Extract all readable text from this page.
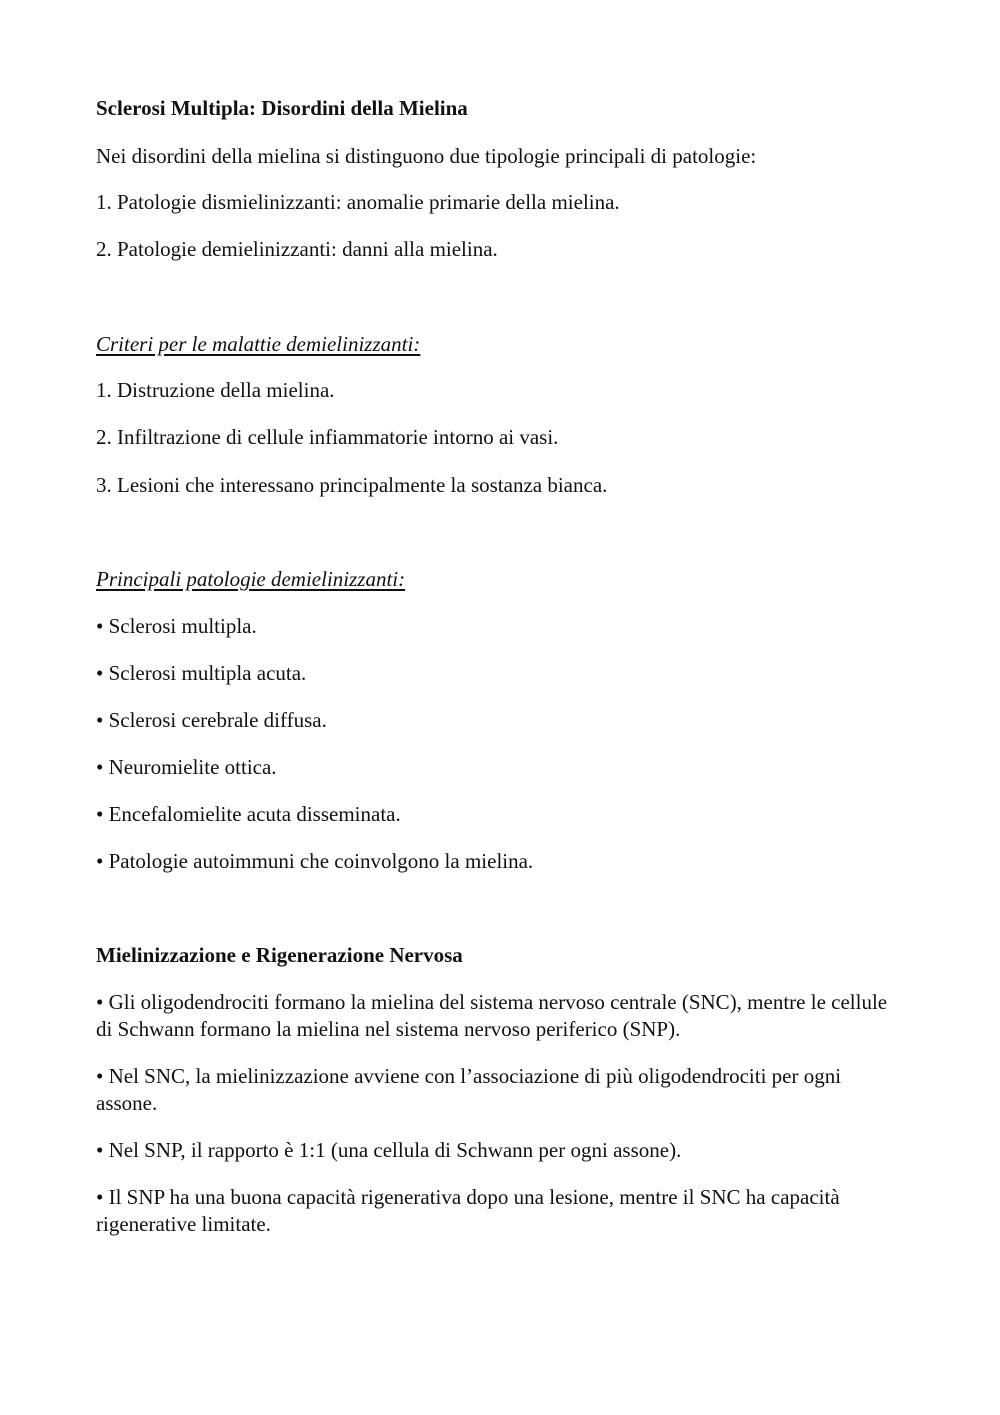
Sclerosi Multipla: Disordini della Mielina

Nei disordini della mielina si distinguono due tipologie principali di patologie:

1. Patologie dismielinizzanti: anomalie primarie della mielina.

2. Patologie demielinizzanti: danni alla mielina.

Criteri per le malattie demielinizzanti:

1. Distruzione della mielina.

2. Infiltrazione di cellule infiammatorie intorno ai vasi.

3. Lesioni che interessano principalmente la sostanza bianca.

Principali patologie demielinizzanti:

• Sclerosi multipla.

• Sclerosi multipla acuta.

• Sclerosi cerebrale diffusa.

• Neuromielite ottica.

• Encefalomielite acuta disseminata.

• Patologie autoimmuni che coinvolgono la mielina.

Mielinizzazione e Rigenerazione Nervosa

• Gli oligodendrociti formano la mielina del sistema nervoso centrale (SNC), mentre le cellule di Schwann formano la mielina nel sistema nervoso periferico (SNP).

• Nel SNC, la mielinizzazione avviene con l’associazione di più oligodendrociti per ogni assone.

• Nel SNP, il rapporto è 1:1 (una cellula di Schwann per ogni assone).

• Il SNP ha una buona capacità rigenerativa dopo una lesione, mentre il SNC ha capacità rigenerative limitate.
